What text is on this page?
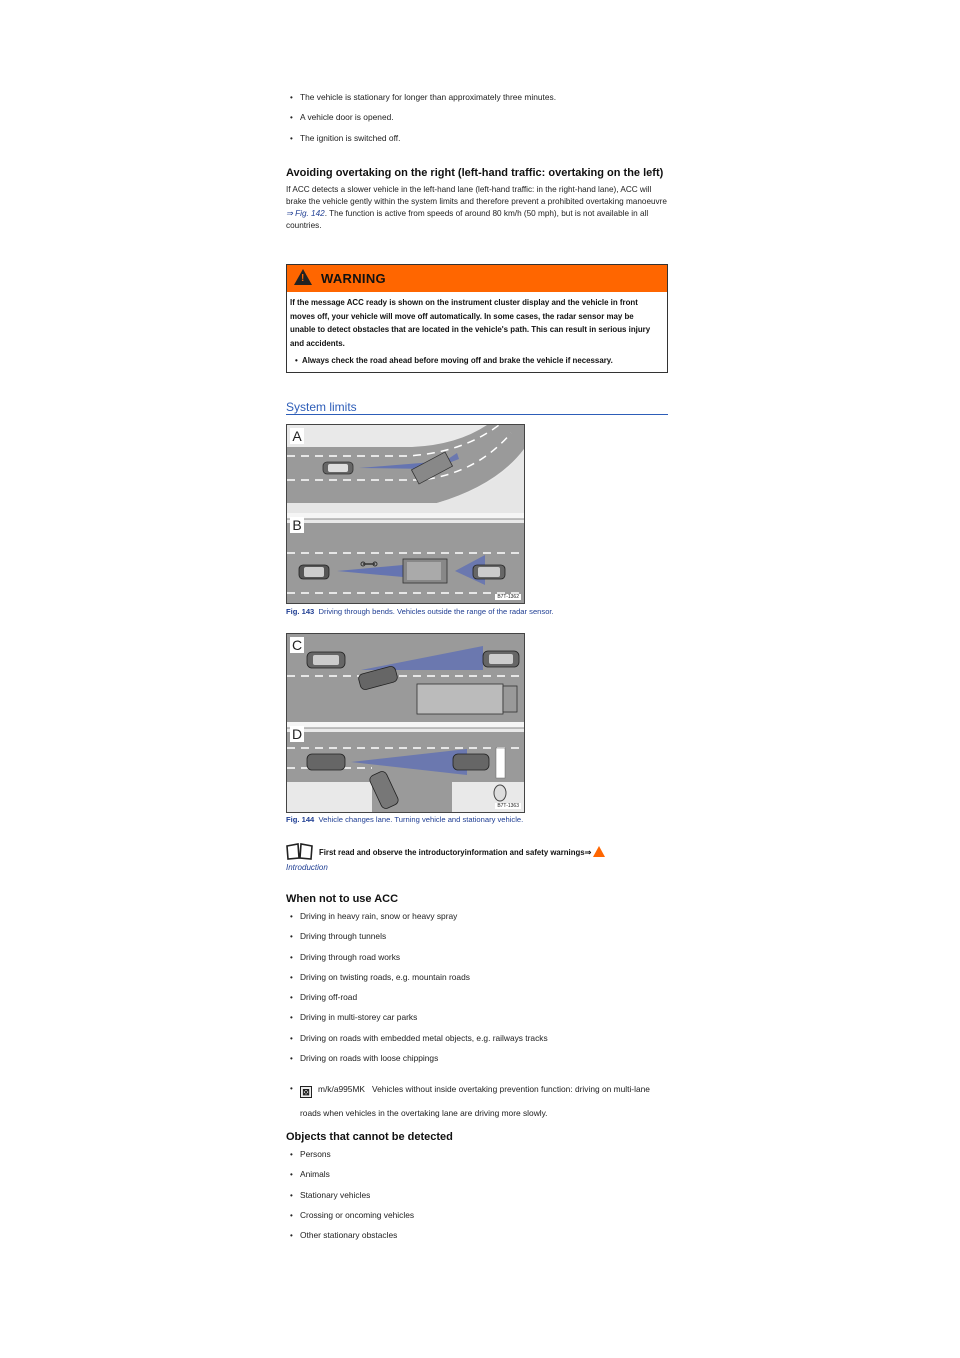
• The vehicle is stationary for longer than approximately three minutes.
• A vehicle door is opened.
• The ignition is switched off.
Avoiding overtaking on the right (left-hand traffic: overtaking on the left)

If ACC detects a slower vehicle in the left-hand lane (left-hand traffic: in the right-hand lane), ACC will brake the vehicle gently within the system limits and therefore prevent a prohibited overtaking manoeuvre ⇒ Fig. 142. The function is active from speeds of around 80 km/h (50 mph), but is not available in all countries.

! WARNING
If the message ACC ready is shown on the instrument cluster display and the vehicle in front moves off, your vehicle will move off automatically. In some cases, the radar sensor may be unable to detect obstacles that are located in the vehicle's path. This can result in serious injury and accidents.
• Always check the road ahead before moving off and brake the vehicle if necessary.
System limits
A
B
B7T-1362
Fig. 143 Driving through bends. Vehicles outside the range of the radar sensor.
C
D
B7T-1363
Fig. 144 Vehicle changes lane. Turning vehicle and stationary vehicle.
First read and observe the introductoryinformation and safety warnings⇒
Introduction
When not to use ACC
• Driving in heavy rain, snow or heavy spray
• Driving through tunnels
• Driving through road works
• Driving on twisting roads, e.g. mountain roads
• Driving off-road
• Driving in multi-storey car parks
• Driving on roads with embedded metal objects, e.g. railways tracks
• Driving on roads with loose chippings
• ⊠ m/k/a995MK Vehicles without inside overtaking prevention function: driving on multi-lane roads when vehicles in the overtaking lane are driving more slowly.
Objects that cannot be detected
• Persons
• Animals
• Stationary vehicles
• Crossing or oncoming vehicles
• Other stationary obstacles
